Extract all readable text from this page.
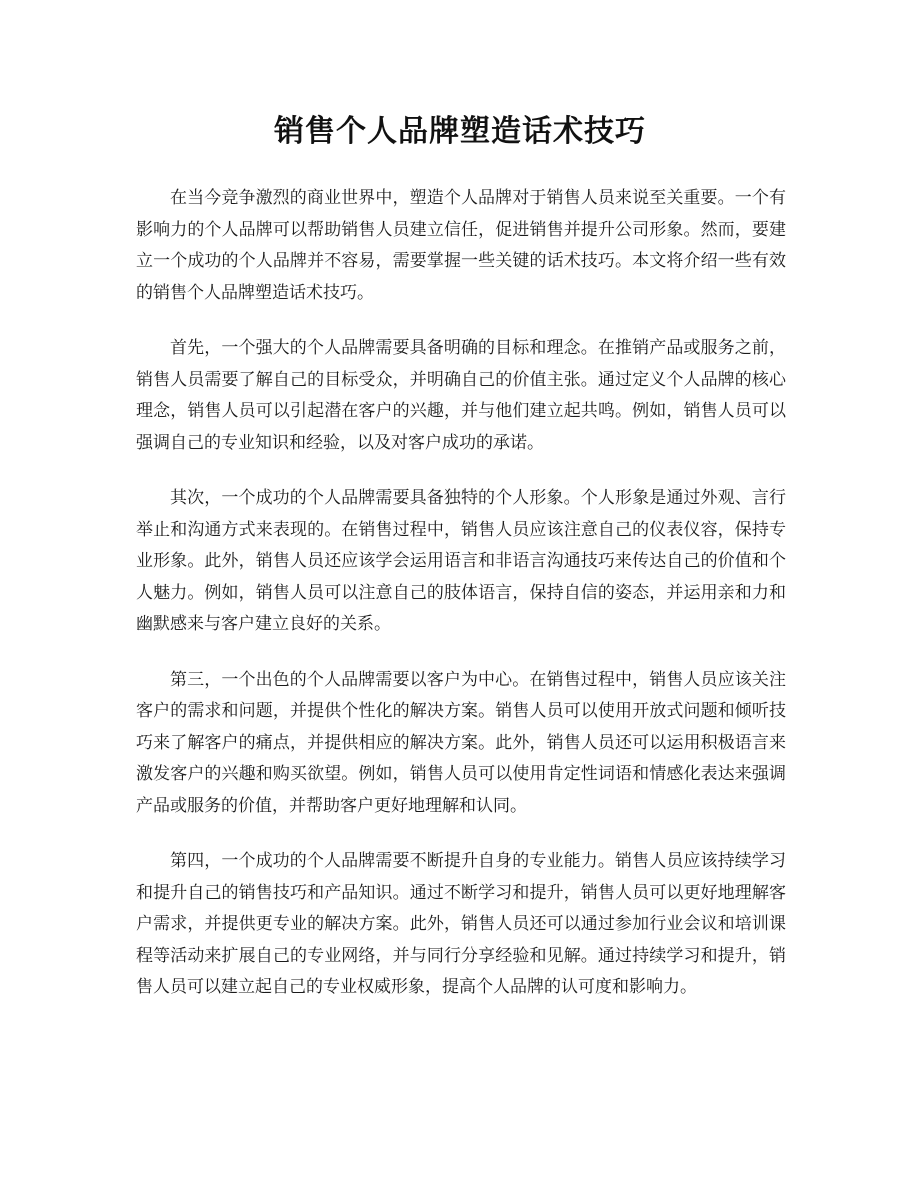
销售个人品牌塑造话术技巧

在当今竞争激烈的商业世界中，塑造个人品牌对于销售人员来说至关重要。一个有影响力的个人品牌可以帮助销售人员建立信任，促进销售并提升公司形象。然而，要建立一个成功的个人品牌并不容易，需要掌握一些关键的话术技巧。本文将介绍一些有效的销售个人品牌塑造话术技巧。

首先，一个强大的个人品牌需要具备明确的目标和理念。在推销产品或服务之前，销售人员需要了解自己的目标受众，并明确自己的价值主张。通过定义个人品牌的核心理念，销售人员可以引起潜在客户的兴趣，并与他们建立起共鸣。例如，销售人员可以强调自己的专业知识和经验，以及对客户成功的承诺。

其次，一个成功的个人品牌需要具备独特的个人形象。个人形象是通过外观、言行举止和沟通方式来表现的。在销售过程中，销售人员应该注意自己的仪表仪容，保持专业形象。此外，销售人员还应该学会运用语言和非语言沟通技巧来传达自己的价值和个人魅力。例如，销售人员可以注意自己的肢体语言，保持自信的姿态，并运用亲和力和幽默感来与客户建立良好的关系。

第三，一个出色的个人品牌需要以客户为中心。在销售过程中，销售人员应该关注客户的需求和问题，并提供个性化的解决方案。销售人员可以使用开放式问题和倾听技巧来了解客户的痛点，并提供相应的解决方案。此外，销售人员还可以运用积极语言来激发客户的兴趣和购买欲望。例如，销售人员可以使用肯定性词语和情感化表达来强调产品或服务的价值，并帮助客户更好地理解和认同。

第四，一个成功的个人品牌需要不断提升自身的专业能力。销售人员应该持续学习和提升自己的销售技巧和产品知识。通过不断学习和提升，销售人员可以更好地理解客户需求，并提供更专业的解决方案。此外，销售人员还可以通过参加行业会议和培训课程等活动来扩展自己的专业网络，并与同行分享经验和见解。通过持续学习和提升，销售人员可以建立起自己的专业权威形象，提高个人品牌的认可度和影响力。
